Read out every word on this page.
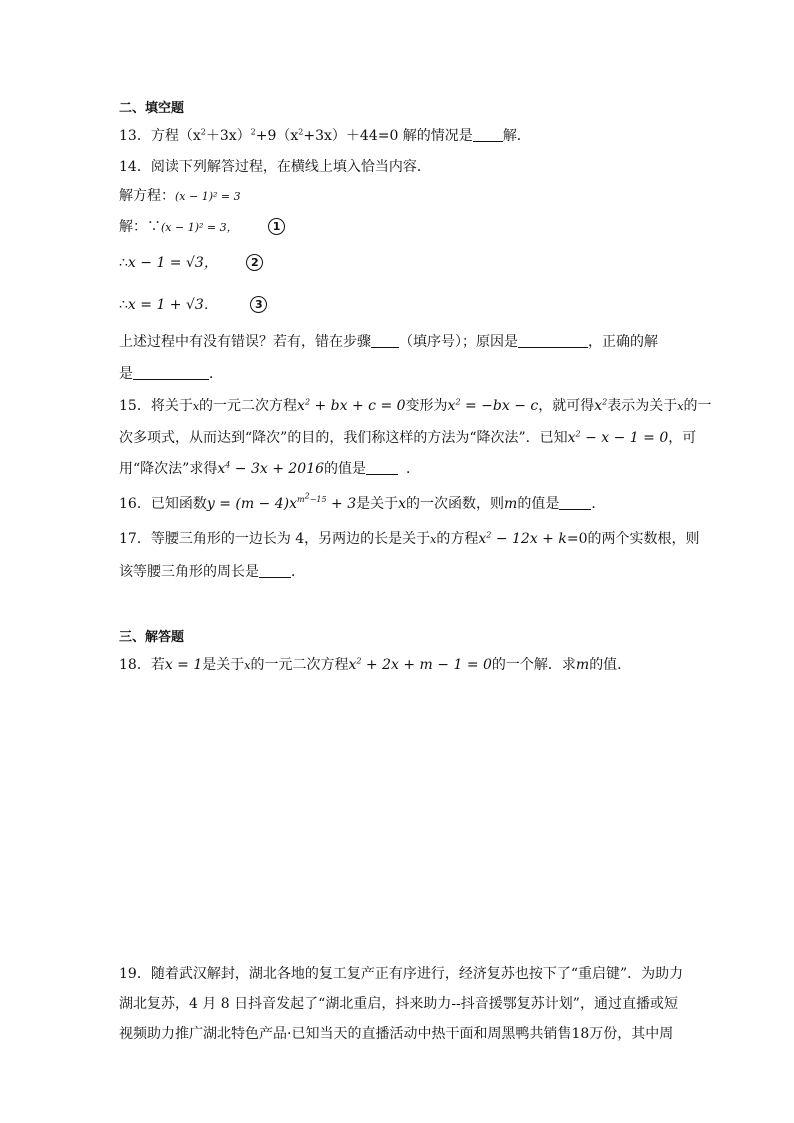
二、填空题
13．方程$(x^2+3x)^2+9(x^2+3x)+44=0$ 解的情况是 解．
14．阅读下列解答过程，在横线上填入恰当内容．
解方程：(x − 1)² = 3
解：∵(x − 1)² = 3，	1
∴x − 1 = √3，	2
∴x = 1 + √3．	3
上述过程中有没有错误？若有，错在步骤 （填序号）；原因是	，正确的解
是	．
15．将关于x的一元二次方程$x^2$ + bx + c = 0变形为$x^2 = -bx - c$，就可得$x^2$表示为关于x的一
次多项式，从而达到“降次”的目的，我们称这样的方法为“降次法”．已知$x^2 - x - 1 = 0$，可
用“降次法”求得$x^4 - 3x + 2016$的值是	．
16．已知函数$y = (m - 4)x^{m^2-15} + 3$是关于x的一次函数，则m的值是 ．
17．等腰三角形的一边长为 4，另两边的长是关于x的方程$x^2 - 12x + k=0$的两个实数根，则
该等腰三角形的周长是 ．
三、解答题
18．若x = 1是关于x的一元二次方程$x^2 + 2x + m - 1 = 0$的一个解．求m的值．
19．随着武汉解封，湖北各地的复工复产正有序进行，经济复苏也按下了“重启键”．为助力
湖北复苏，4 月 8 日抖音发起了“湖北重启，抖来助力--抖音援鄂复苏计划”，通过直播或短
视频助力推广湖北特色产品·已知当天的直播活动中热干面和周黑鸭共销售18万份，其中周
